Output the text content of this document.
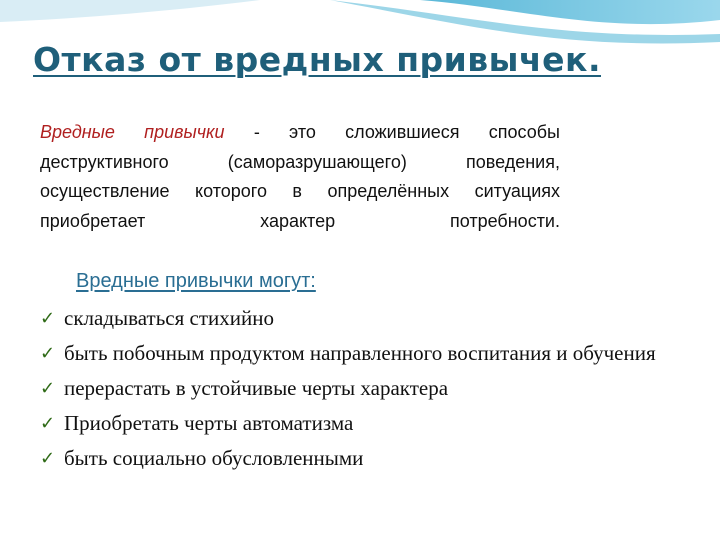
Отказ от вредных привычек.
Вредные привычки - это сложившиеся способы деструктивного (саморазрушающего) поведения, осуществление которого в определённых ситуациях приобретает характер потребности.
Вредные привычки могут:
✓ складываться стихийно
✓ быть побочным продуктом направленного воспитания и обучения
✓ перерастать в устойчивые черты характера
✓ Приобретать черты автоматизма
✓ быть социально обусловленными
